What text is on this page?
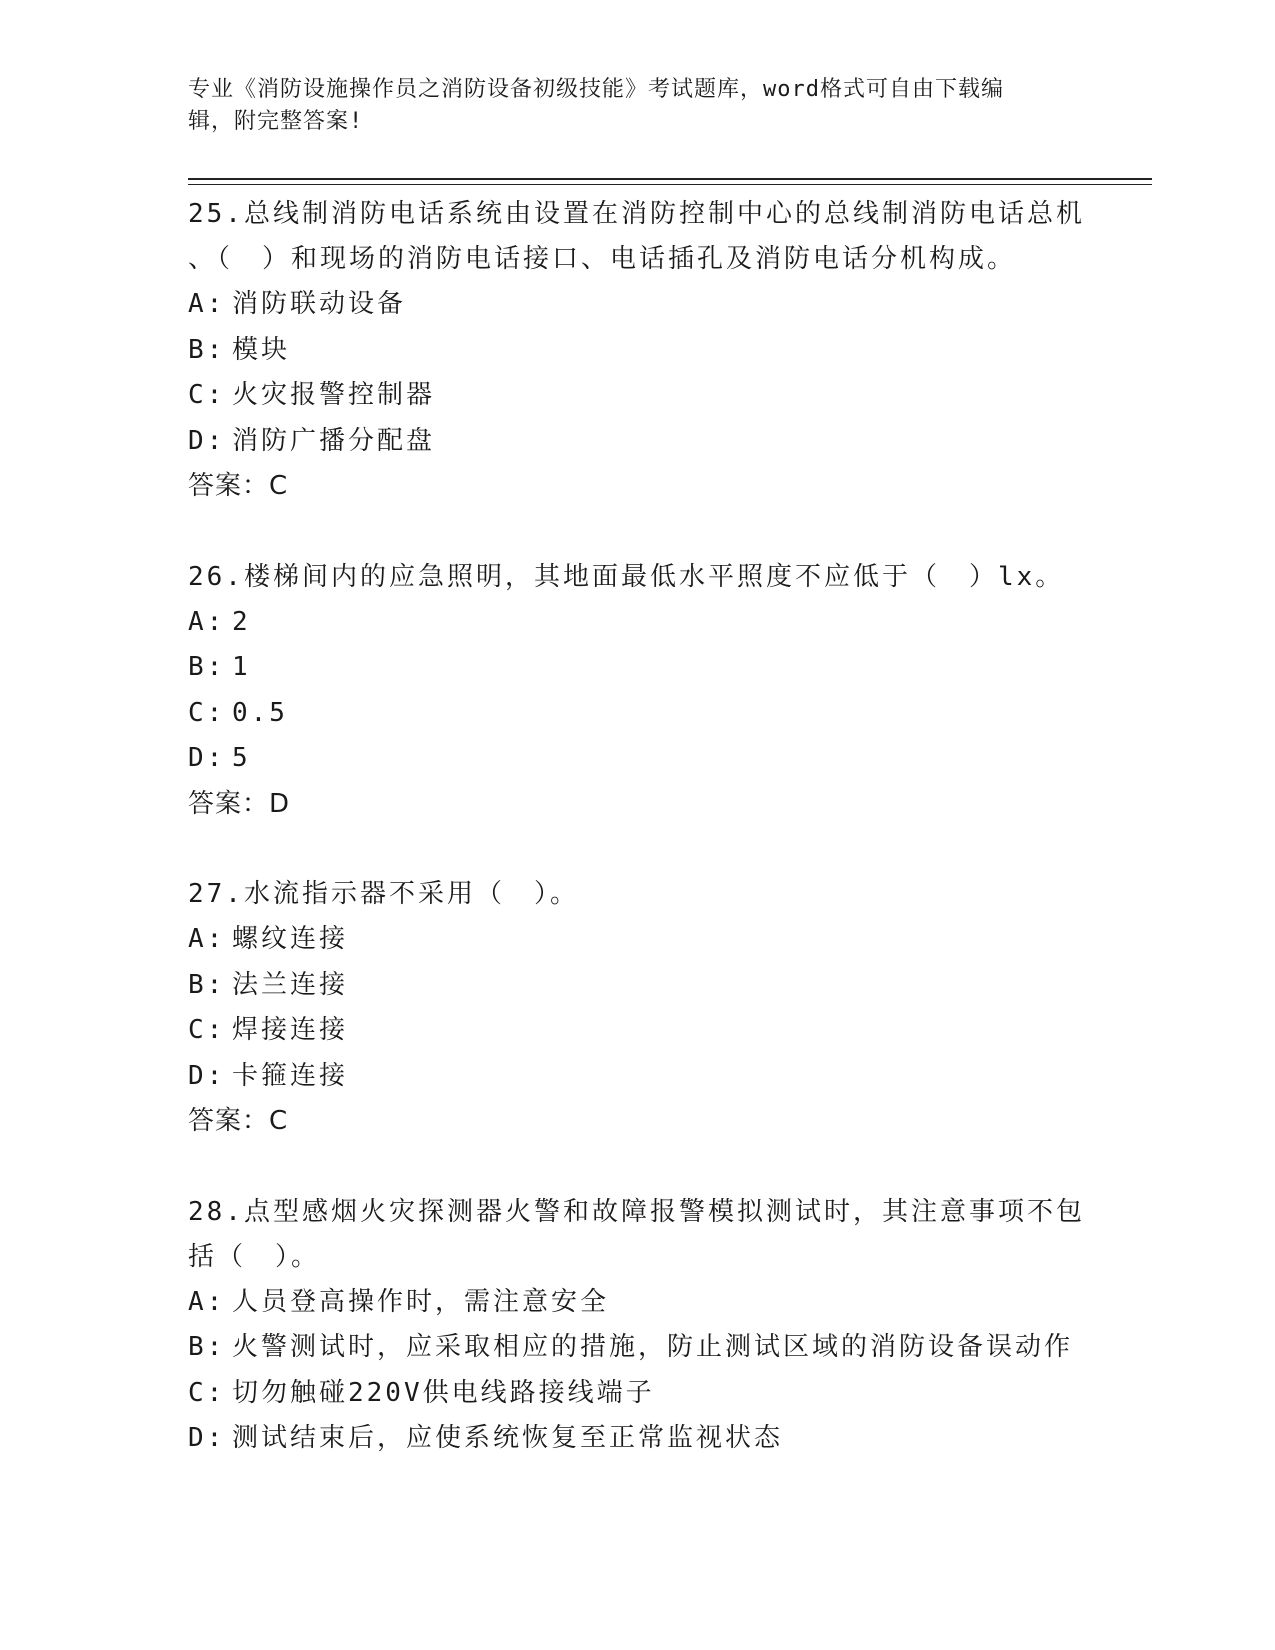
专业《消防设施操作员之消防设备初级技能》考试题库，word格式可自由下载编
辑，附完整答案!
25.总线制消防电话系统由设置在消防控制中心的总线制消防电话总机
、（　）和现场的消防电话接口、电话插孔及消防电话分机构成。
A: 消防联动设备
B: 模块
C: 火灾报警控制器
D: 消防广播分配盘
答案：C
26.楼梯间内的应急照明，其地面最低水平照度不应低于（　）lx。
A: 2
B: 1
C: 0.5
D: 5
答案：D
27.水流指示器不采用（　）。
A: 螺纹连接
B: 法兰连接
C: 焊接连接
D: 卡箍连接
答案：C
28.点型感烟火灾探测器火警和故障报警模拟测试时，其注意事项不包
括（　）。
A: 人员登高操作时，需注意安全
B: 火警测试时，应采取相应的措施，防止测试区域的消防设备误动作
C: 切勿触碰220V供电线路接线端子
D: 测试结束后，应使系统恢复至正常监视状态
